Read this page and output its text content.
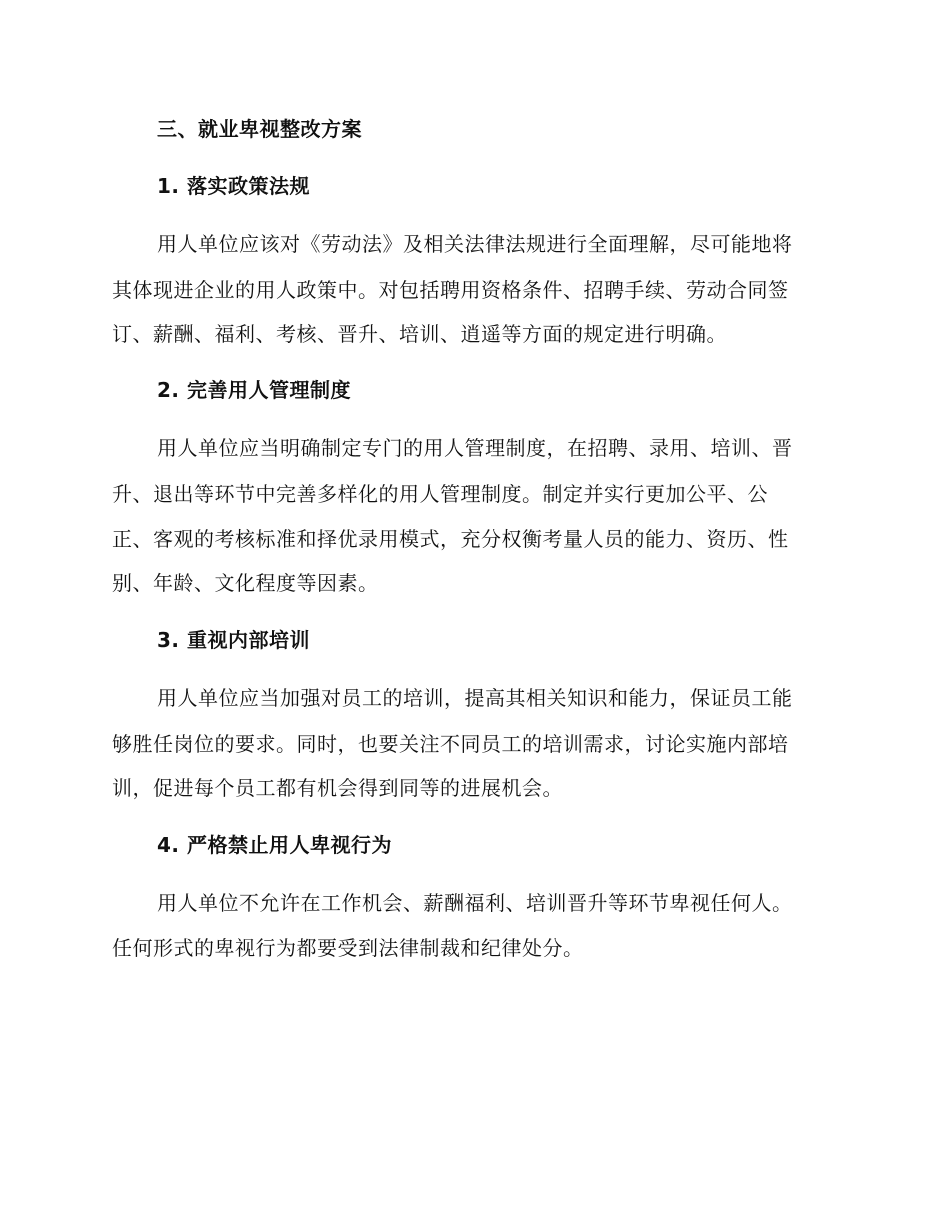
三、就业卑视整改方案
1. 落实政策法规
用人单位应该对《劳动法》及相关法律法规进行全面理解，尽可能地将
其体现进企业的用人政策中。对包括聘用资格条件、招聘手续、劳动合同签
订、薪酬、福利、考核、晋升、培训、逍遥等方面的规定进行明确。
2. 完善用人管理制度
用人单位应当明确制定专门的用人管理制度，在招聘、录用、培训、晋
升、退出等环节中完善多样化的用人管理制度。制定并实行更加公平、公
正、客观的考核标准和择优录用模式，充分权衡考量人员的能力、资历、性
别、年龄、文化程度等因素。
3. 重视内部培训
用人单位应当加强对员工的培训，提高其相关知识和能力，保证员工能
够胜任岗位的要求。同时，也要关注不同员工的培训需求，讨论实施内部培
训，促进每个员工都有机会得到同等的进展机会。
4. 严格禁止用人卑视行为
用人单位不允许在工作机会、薪酬福利、培训晋升等环节卑视任何人。
任何形式的卑视行为都要受到法律制裁和纪律处分。
